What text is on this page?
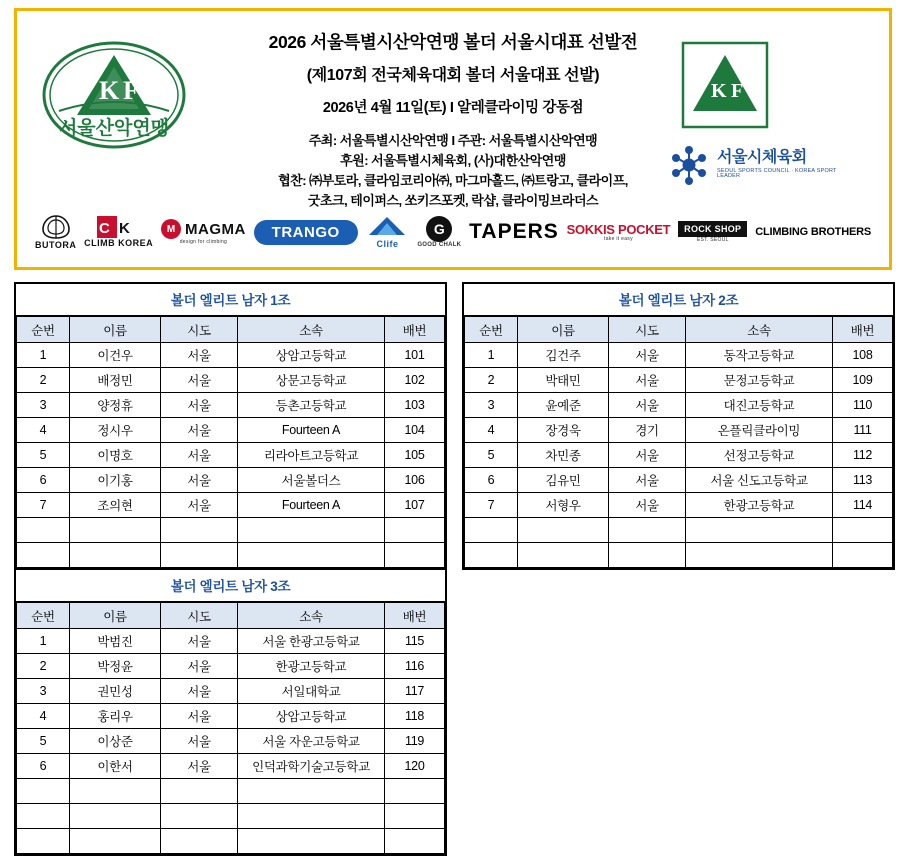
K F
서울산악연맹
K F
서울시체육회
SEOUL SPORTS COUNCIL · KOREA SPORT LEADER
2026 서울특별시산악연맹 볼더 서울시대표 선발전
(제107회 전국체육대회 볼더 서울대표 선발)
2026년 4월 11일(토) I 알레클라이밍 강동점
주최: 서울특별시산악연맹 I 주관: 서울특별시산악연맹
후원: 서울특별시체육회, (사)대한산악연맹
협찬: ㈜부토라, 클라임코리아㈜, 마그마홀드, ㈜트랑고, 클라이프,
굿초크, 테이퍼스, 쏘키즈포켓, 락샵, 클라이밍브라더스
BUTORA
C K
CLIMB KOREA
M MAGMA
design for climbing
TRANGO
Clife
G
GOOD CHALK
TAPERS SOKKIS POCKET
take it easy
ROCK SHOP
EST. SEOUL
CLIMBING BROTHERS
볼더 엘리트 남자 1조
순번	이름	시도	소속	배번
1	이건우	서울	상암고등학교	101
2	배정민	서울	상문고등학교	102
3	양정휴	서울	등촌고등학교	103
4	정시우	서울	Fourteen A	104
5	이명호	서울	리라아트고등학교	105
6	이기홍	서울	서울볼더스	106
7	조의현	서울	Fourteen A	107

볼더 엘리트 남자 2조
순번	이름	시도	소속	배번
1	김건주	서울	동작고등학교	108
2	박태민	서울	문정고등학교	109
3	윤예준	서울	대진고등학교	110
4	장경욱	경기	온플릭클라이밍	111
5	차민종	서울	선정고등학교	112
6	김유민	서울	서울 신도고등학교	113
7	서형우	서울	한광고등학교	114

볼더 엘리트 남자 3조
순번	이름	시도	소속	배번
1	박범진	서울	서울 한광고등학교	115
2	박정윤	서울	한광고등학교	116
3	권민성	서울	서일대학교	117
4	홍리우	서울	상암고등학교	118
5	이상준	서울	서울 자운고등학교	119
6	이한서	서울	인덕과학기술고등학교	120
